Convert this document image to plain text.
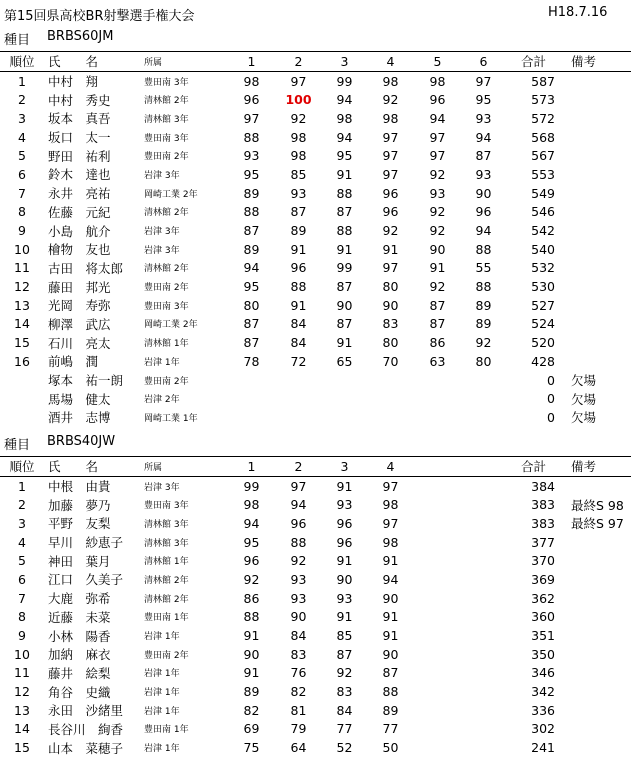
第15回県高校BR射撃選手権大会	H18.7.16
種目 BRBS60JM
順位	氏　　名	所属	1	2	3	4	5	6	合計	備考
1	中村　翔	豊田南 3年	98	97	99	98	98	97	587	
2	中村　秀史	清林館 2年	96	100	94	92	96	95	573	
3	坂本　真吾	清林館 3年	97	92	98	98	94	93	572	
4	坂口　太一	豊田南 3年	88	98	94	97	97	94	568	
5	野田　祐利	豊田南 2年	93	98	95	97	97	87	567	
6	鈴木　達也	岩津 3年	95	85	91	97	92	93	553	
7	永井　亮祐	岡崎工業 2年	89	93	88	96	93	90	549	
8	佐藤　元紀	清林館 2年	88	87	87	96	92	96	546	
9	小島　航介	岩津 3年	87	89	88	92	92	94	542	
10	檜物　友也	岩津 3年	89	91	91	91	90	88	540	
11	古田　将太郎	清林館 2年	94	96	99	97	91	55	532	
12	藤田　邦光	豊田南 2年	95	88	87	80	92	88	530	
13	光岡　寿弥	豊田南 3年	80	91	90	90	87	89	527	
14	柳澤　武広	岡崎工業 2年	87	84	87	83	87	89	524	
15	石川　亮太	清林館 1年	87	84	91	80	86	92	520	
16	前嶋　潤	岩津 1年	78	72	65	70	63	80	428	
	塚本　祐一朗	豊田南 2年							0	欠場
	馬場　健太	岩津 2年							0	欠場
	酒井　志博	岡崎工業 1年							0	欠場
種目 BRBS40JW
順位	氏　　名	所属	1	2	3	4			合計	備考
1	中根　由貴	岩津 3年	99	97	91	97			384	
2	加藤　夢乃	豊田南 3年	98	94	93	98			383	最終S 98
3	平野　友梨	清林館 3年	94	96	96	97			383	最終S 97
4	早川　紗恵子	清林館 3年	95	88	96	98			377	
5	神田　葉月	清林館 1年	96	92	91	91			370	
6	江口　久美子	清林館 2年	92	93	90	94			369	
7	大鹿　弥希	清林館 2年	86	93	93	90			362	
8	近藤　未菜	豊田南 1年	88	90	91	91			360	
9	小林　陽香	岩津 1年	91	84	85	91			351	
10	加納　麻衣	豊田南 2年	90	83	87	90			350	
11	藤井　絵梨	岩津 1年	91	76	92	87			346	
12	角谷　史織	岩津 1年	89	82	83	88			342	
13	永田　沙緒里	岩津 1年	82	81	84	89			336	
14	長谷川　絢香	豊田南 1年	69	79	77	77			302	
15	山本　菜穂子	岩津 1年	75	64	52	50			241	
